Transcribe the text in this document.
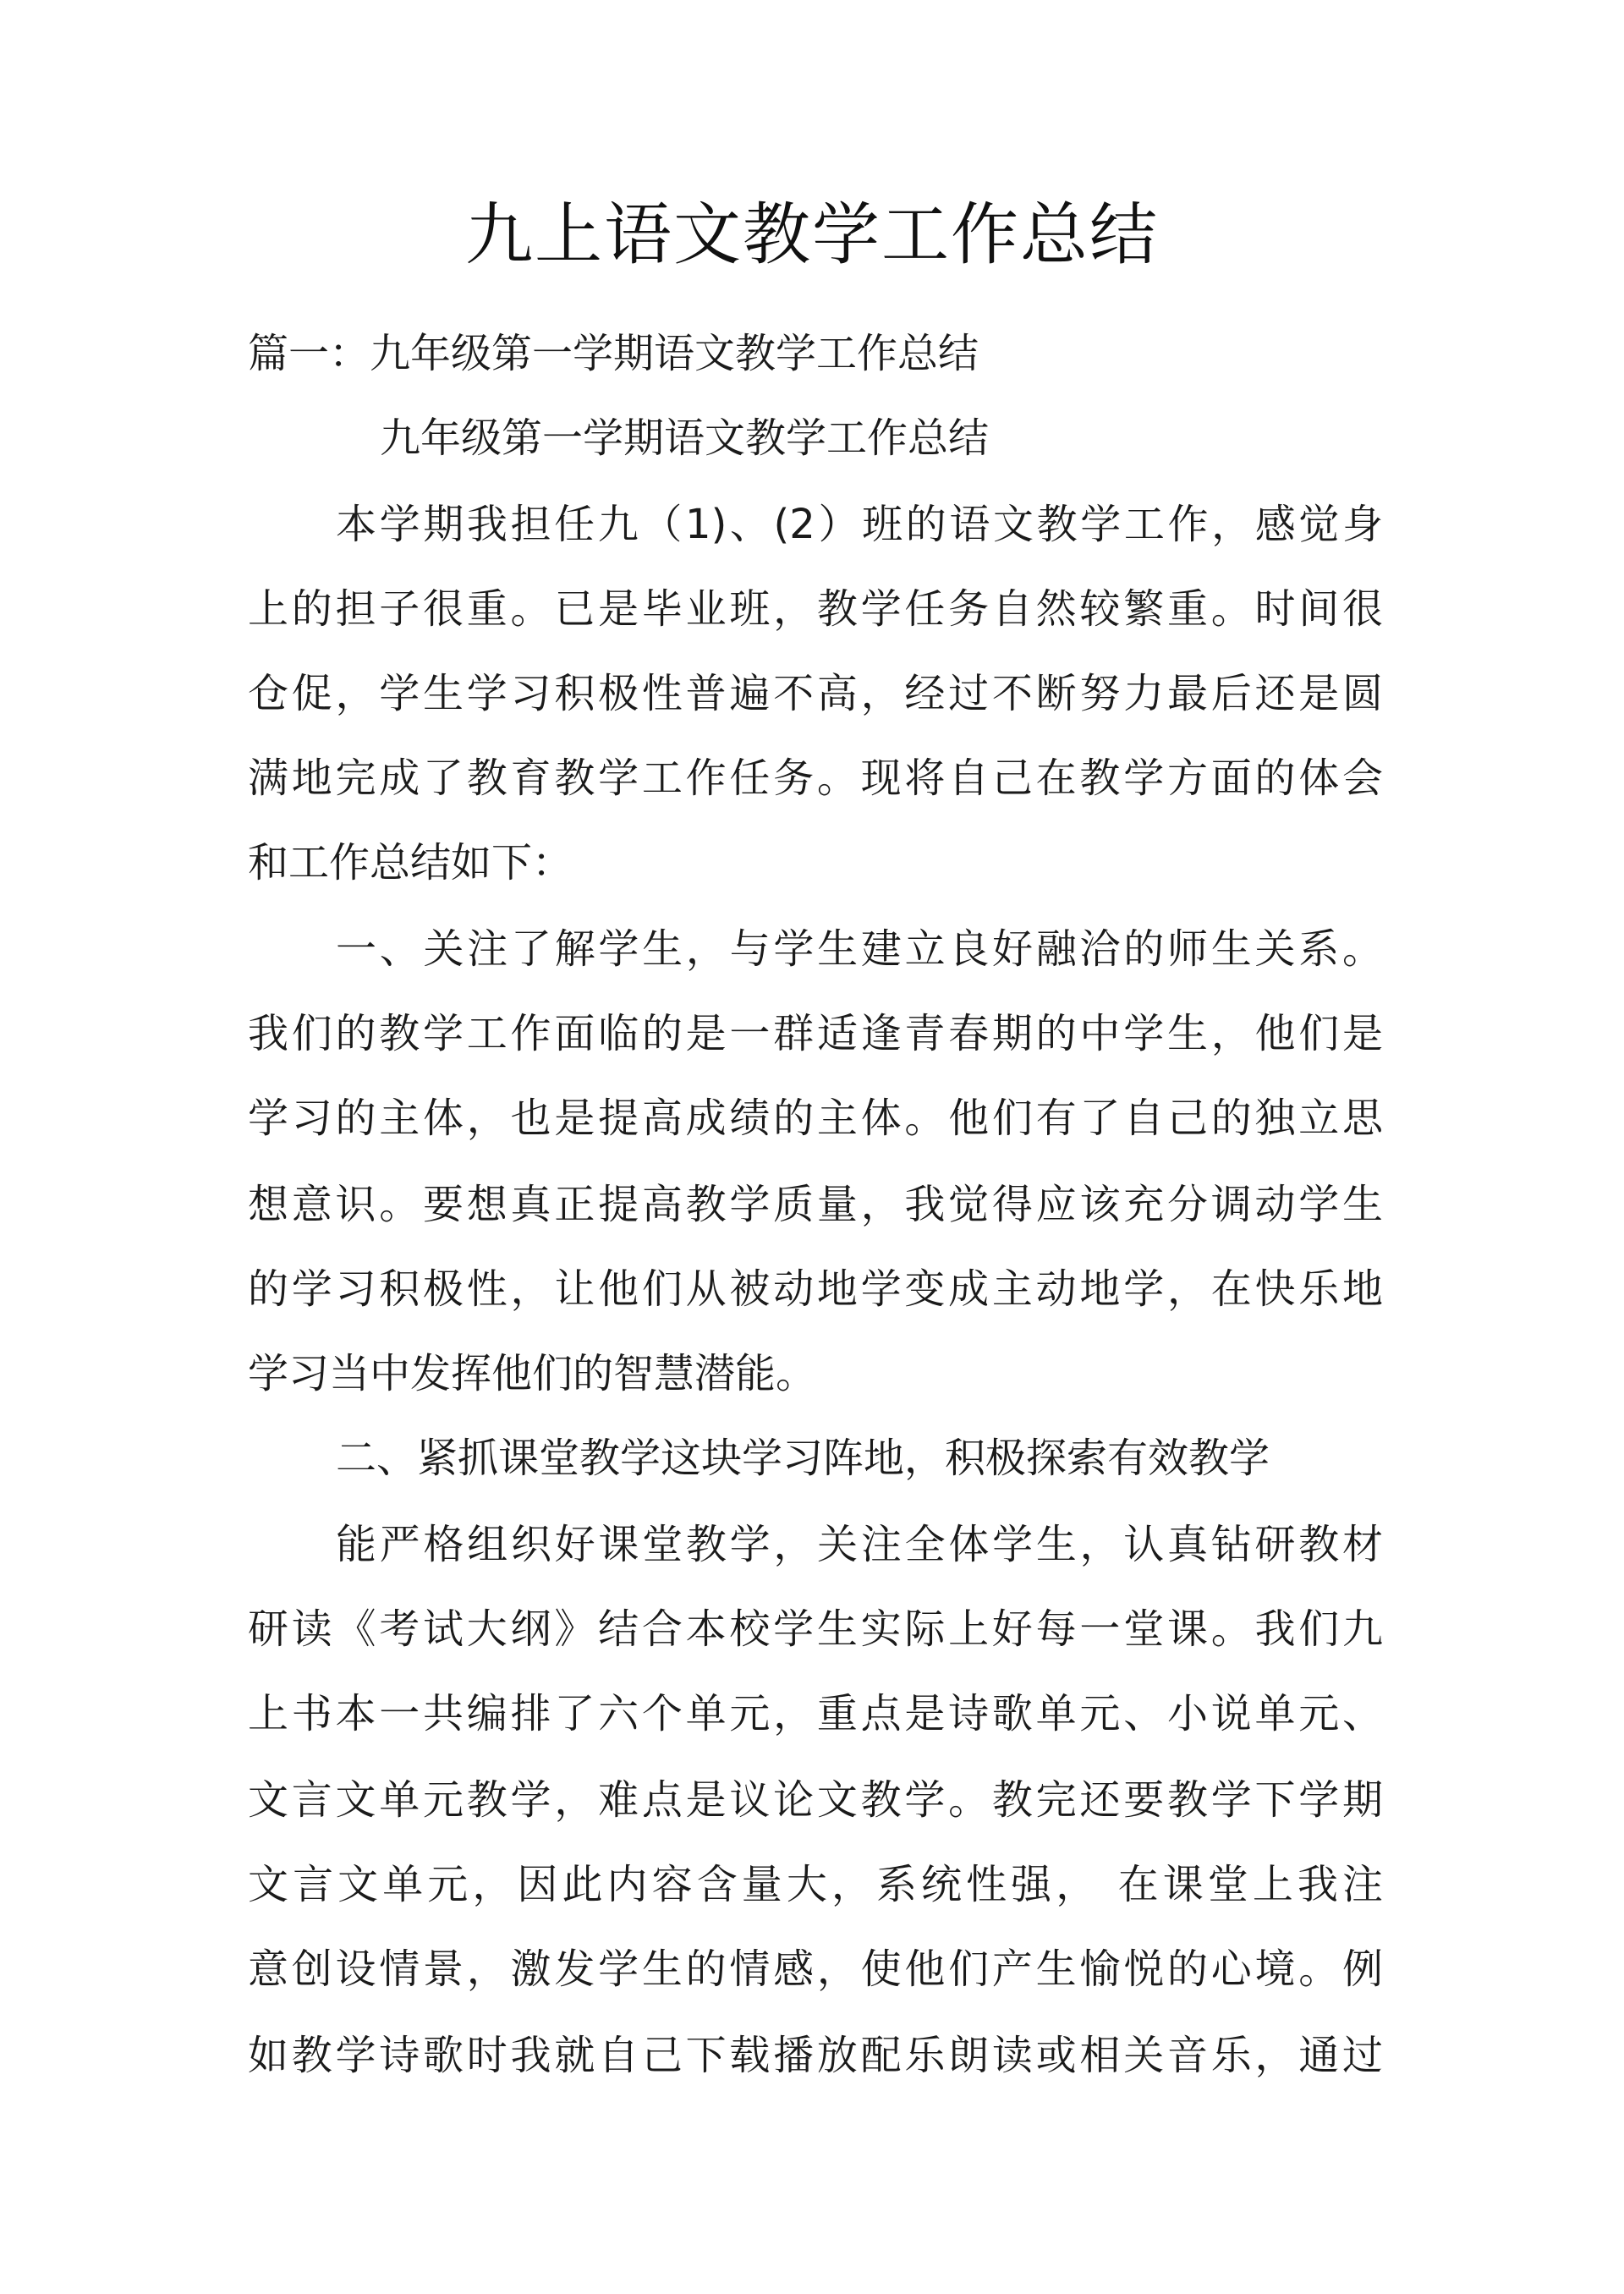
九上语文教学工作总结

篇一：九年级第一学期语文教学工作总结

九年级第一学期语文教学工作总结

本学期我担任九（1)、(2）班的语文教学工作，感觉身

上的担子很重。已是毕业班，教学任务自然较繁重。时间很

仓促，学生学习积极性普遍不高，经过不断努力最后还是圆

满地完成了教育教学工作任务。现将自己在教学方面的体会

和工作总结如下：

一、关注了解学生，与学生建立良好融洽的师生关系。

我们的教学工作面临的是一群适逢青春期的中学生，他们是

学习的主体，也是提高成绩的主体。他们有了自己的独立思

想意识。要想真正提高教学质量，我觉得应该充分调动学生

的学习积极性，让他们从被动地学变成主动地学，在快乐地

学习当中发挥他们的智慧潜能。

二、紧抓课堂教学这块学习阵地，积极探索有效教学

能严格组织好课堂教学，关注全体学生，认真钻研教材

研读《考试大纲》结合本校学生实际上好每一堂课。我们九

上书本一共编排了六个单元，重点是诗歌单元、小说单元、

文言文单元教学，难点是议论文教学。教完还要教学下学期

文言文单元，因此内容含量大，系统性强， 在课堂上我注

意创设情景，激发学生的情感，使他们产生愉悦的心境。例

如教学诗歌时我就自己下载播放配乐朗读或相关音乐，通过
